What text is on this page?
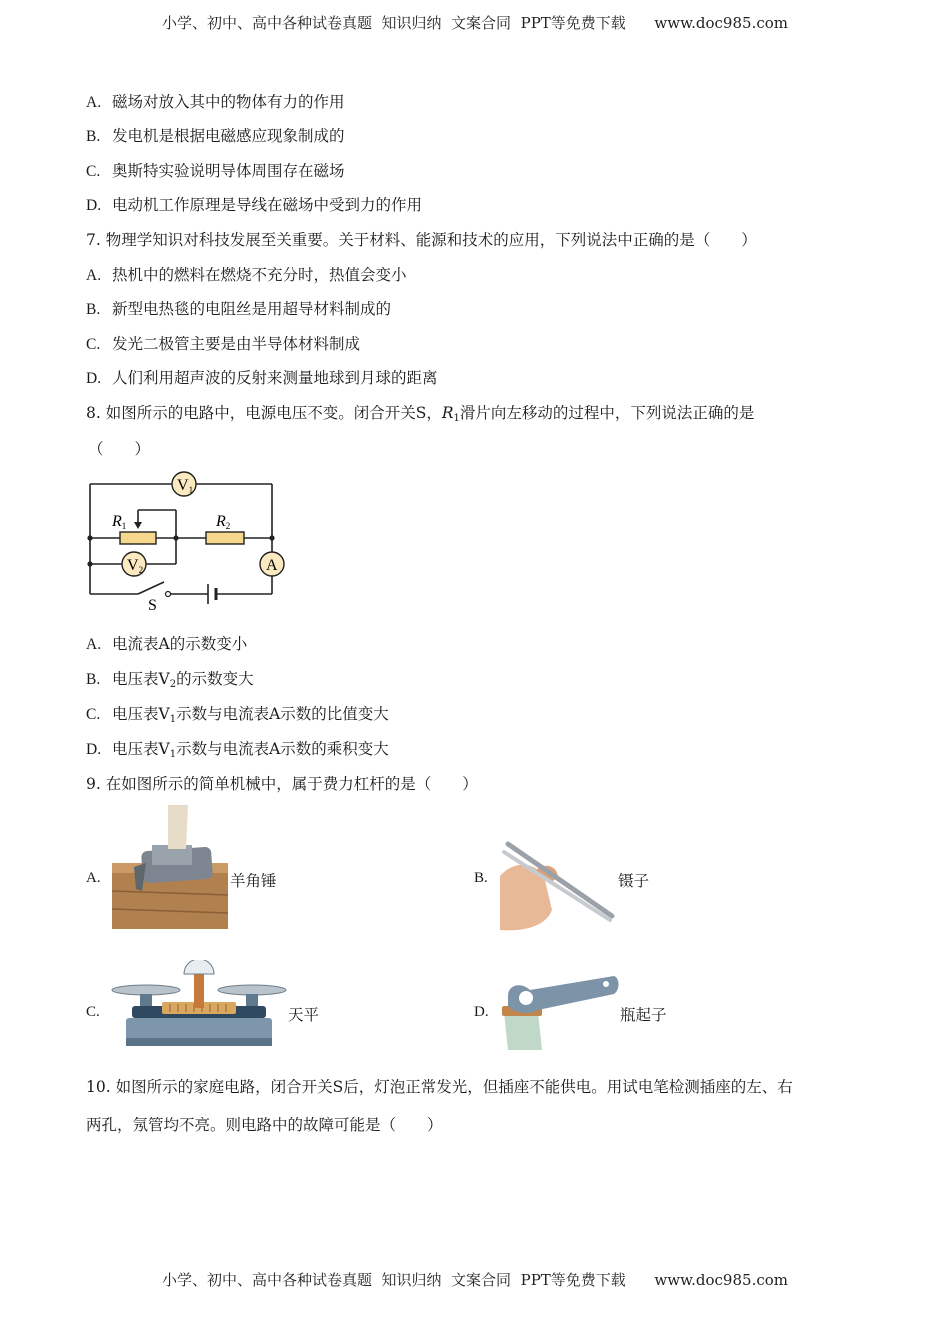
小学、初中、高中各种试卷真题  知识归纳  文案合同  PPT等免费下载      www.doc985.com
小学、初中、高中各种试卷真题  知识归纳  文案合同  PPT等免费下载      www.doc985.com
A. 磁场对放入其中的物体有力的作用
B. 发电机是根据电磁感应现象制成的
C. 奥斯特实验说明导体周围存在磁场
D. 电动机工作原理是导线在磁场中受到力的作用
7. 物理学知识对科技发展至关重要。关于材料、能源和技术的应用，下列说法中正确的是（　　）
A. 热机中的燃料在燃烧不充分时，热值会变小
B. 新型电热毯的电阻丝是用超导材料制成的
C. 发光二极管主要是由半导体材料制成
D. 人们利用超声波的反射来测量地球到月球的距离
8. 如图所示的电路中，电源电压不变。闭合开关S，$R_1$滑片向左移动的过程中，下列说法正确的是
（　　）
V1
V2	A
R1	R2
S
A. 电流表A的示数变小
B. 电压表$V_2$的示数变大
C. 电压表$V_1$示数与电流表A示数的比值变大
D. 电压表$V_1$示数与电流表A示数的乘积变大
9. 在如图所示的简单机械中，属于费力杠杆的是（　　）
A.	羊角锤	B.	镊子
C.	天平	D.	瓶起子
10. 如图所示的家庭电路，闭合开关S后，灯泡正常发光，但插座不能供电。用试电笔检测插座的左、右
两孔，氖管均不亮。则电路中的故障可能是（　　）
